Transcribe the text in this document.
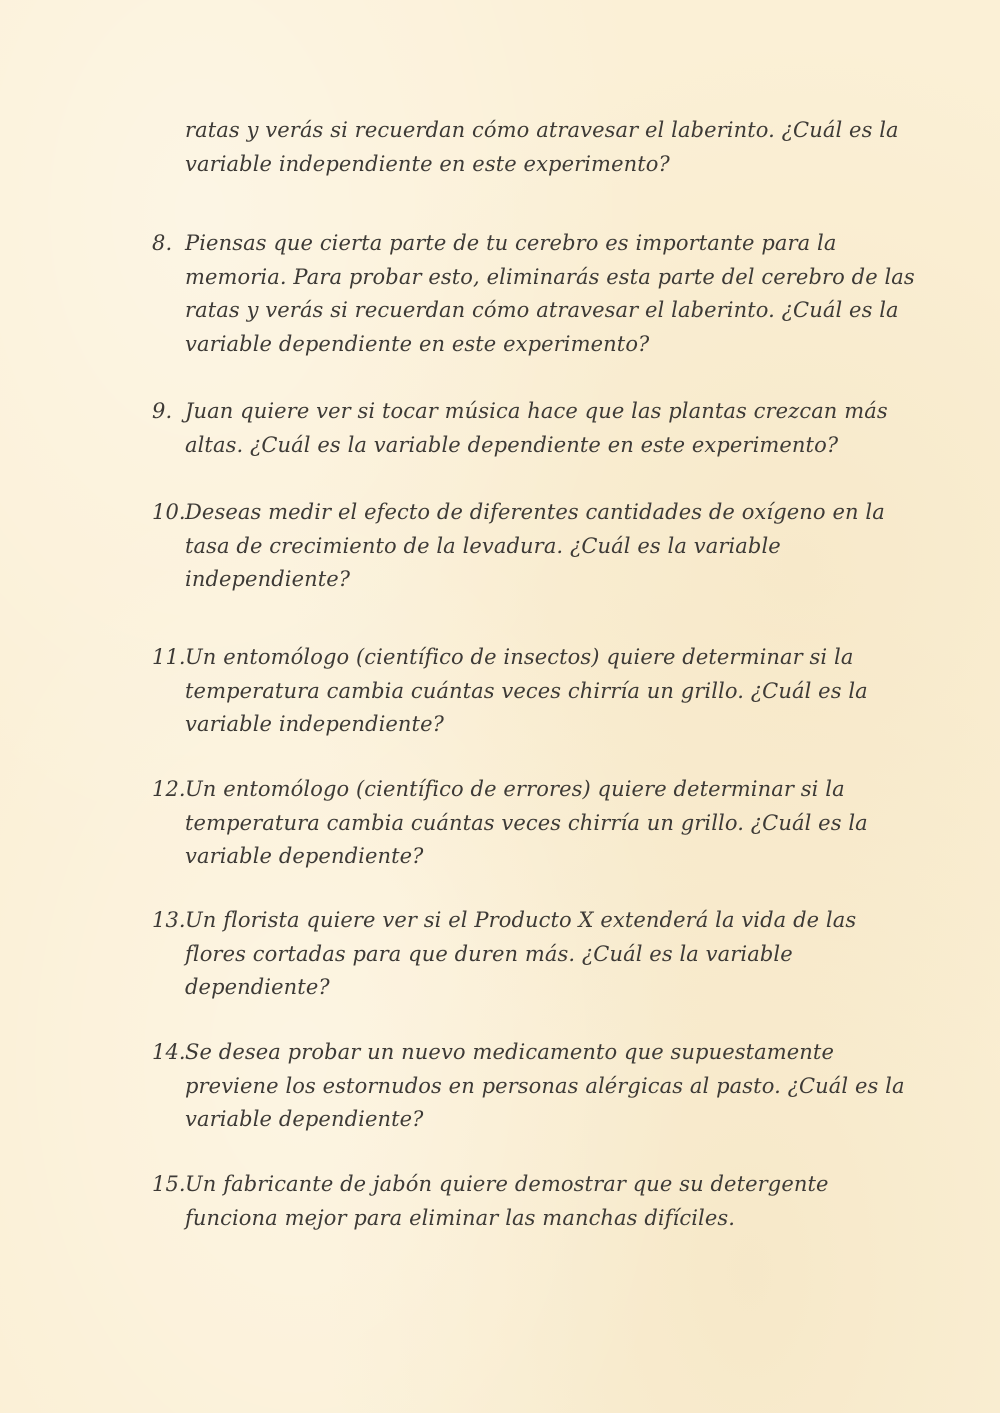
ratas y verás si recuerdan cómo atravesar el laberinto. ¿Cuál es la
variable independiente en este experimento?
8. Piensas que cierta parte de tu cerebro es importante para la
memoria. Para probar esto, eliminarás esta parte del cerebro de las
ratas y verás si recuerdan cómo atravesar el laberinto. ¿Cuál es la
variable dependiente en este experimento?
9. Juan quiere ver si tocar música hace que las plantas crezcan más
altas. ¿Cuál es la variable dependiente en este experimento?
10. Deseas medir el efecto de diferentes cantidades de oxígeno en la
tasa de crecimiento de la levadura. ¿Cuál es la variable
independiente?
11. Un entomólogo (científico de insectos) quiere determinar si la
temperatura cambia cuántas veces chirría un grillo. ¿Cuál es la
variable independiente?
12. Un entomólogo (científico de errores) quiere determinar si la
temperatura cambia cuántas veces chirría un grillo. ¿Cuál es la
variable dependiente?
13. Un florista quiere ver si el Producto X extenderá la vida de las
flores cortadas para que duren más. ¿Cuál es la variable
dependiente?
14. Se desea probar un nuevo medicamento que supuestamente
previene los estornudos en personas alérgicas al pasto. ¿Cuál es la
variable dependiente?
15. Un fabricante de jabón quiere demostrar que su detergente
funciona mejor para eliminar las manchas difíciles.
